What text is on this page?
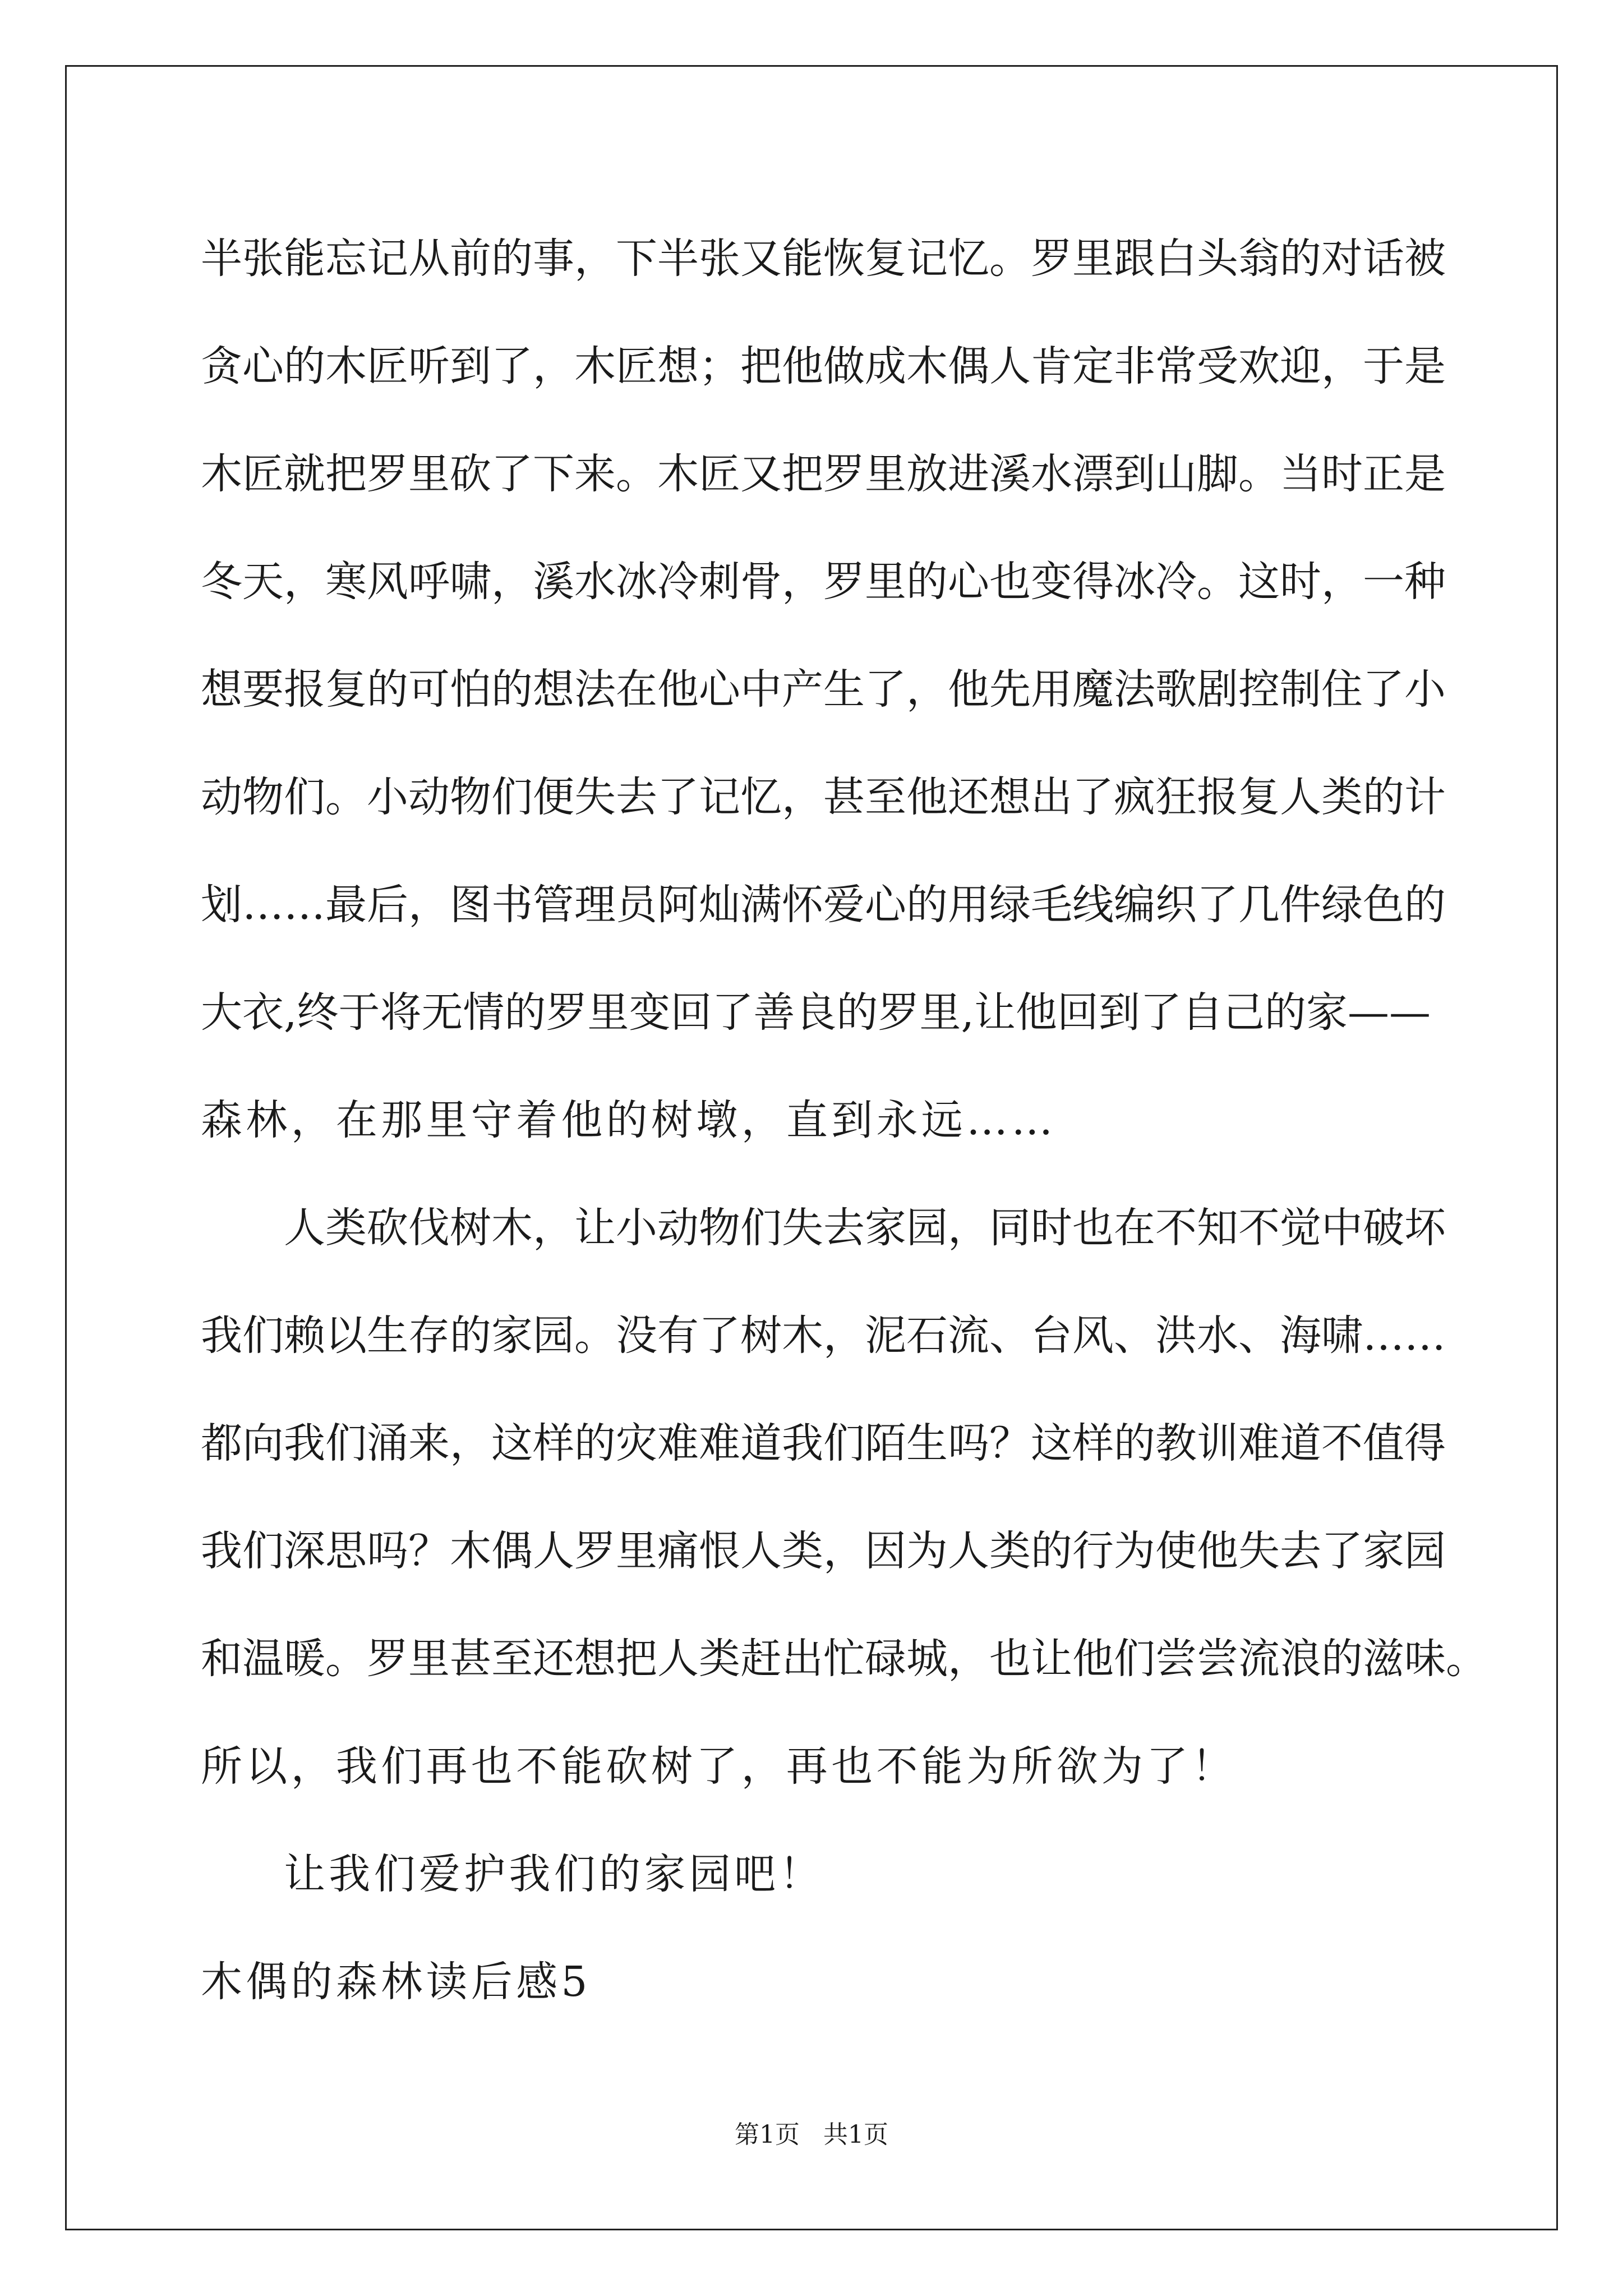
半张能忘记从前的事，下半张又能恢复记忆。罗里跟白头翁的对话被
贪心的木匠听到了，木匠想；把他做成木偶人肯定非常受欢迎，于是
木匠就把罗里砍了下来。木匠又把罗里放进溪水漂到山脚。当时正是
冬天，寒风呼啸，溪水冰冷刺骨，罗里的心也变得冰冷。这时，一种
想要报复的可怕的想法在他心中产生了，他先用魔法歌剧控制住了小
动物们。小动物们便失去了记忆，甚至他还想出了疯狂报复人类的计
划……最后，图书管理员阿灿满怀爱心的用绿毛线编织了几件绿色的
大衣,终于将无情的罗里变回了善良的罗里,让他回到了自己的家——
森林，在那里守着他的树墩，直到永远……
人类砍伐树木，让小动物们失去家园，同时也在不知不觉中破坏
我们赖以生存的家园。没有了树木，泥石流、台风、洪水、海啸……
都向我们涌来，这样的灾难难道我们陌生吗？这样的教训难道不值得
我们深思吗？木偶人罗里痛恨人类，因为人类的行为使他失去了家园
和温暖。罗里甚至还想把人类赶出忙碌城，也让他们尝尝流浪的滋味。
所以，我们再也不能砍树了，再也不能为所欲为了！
让我们爱护我们的家园吧！
木偶的森林读后感5
第1页   共1页
